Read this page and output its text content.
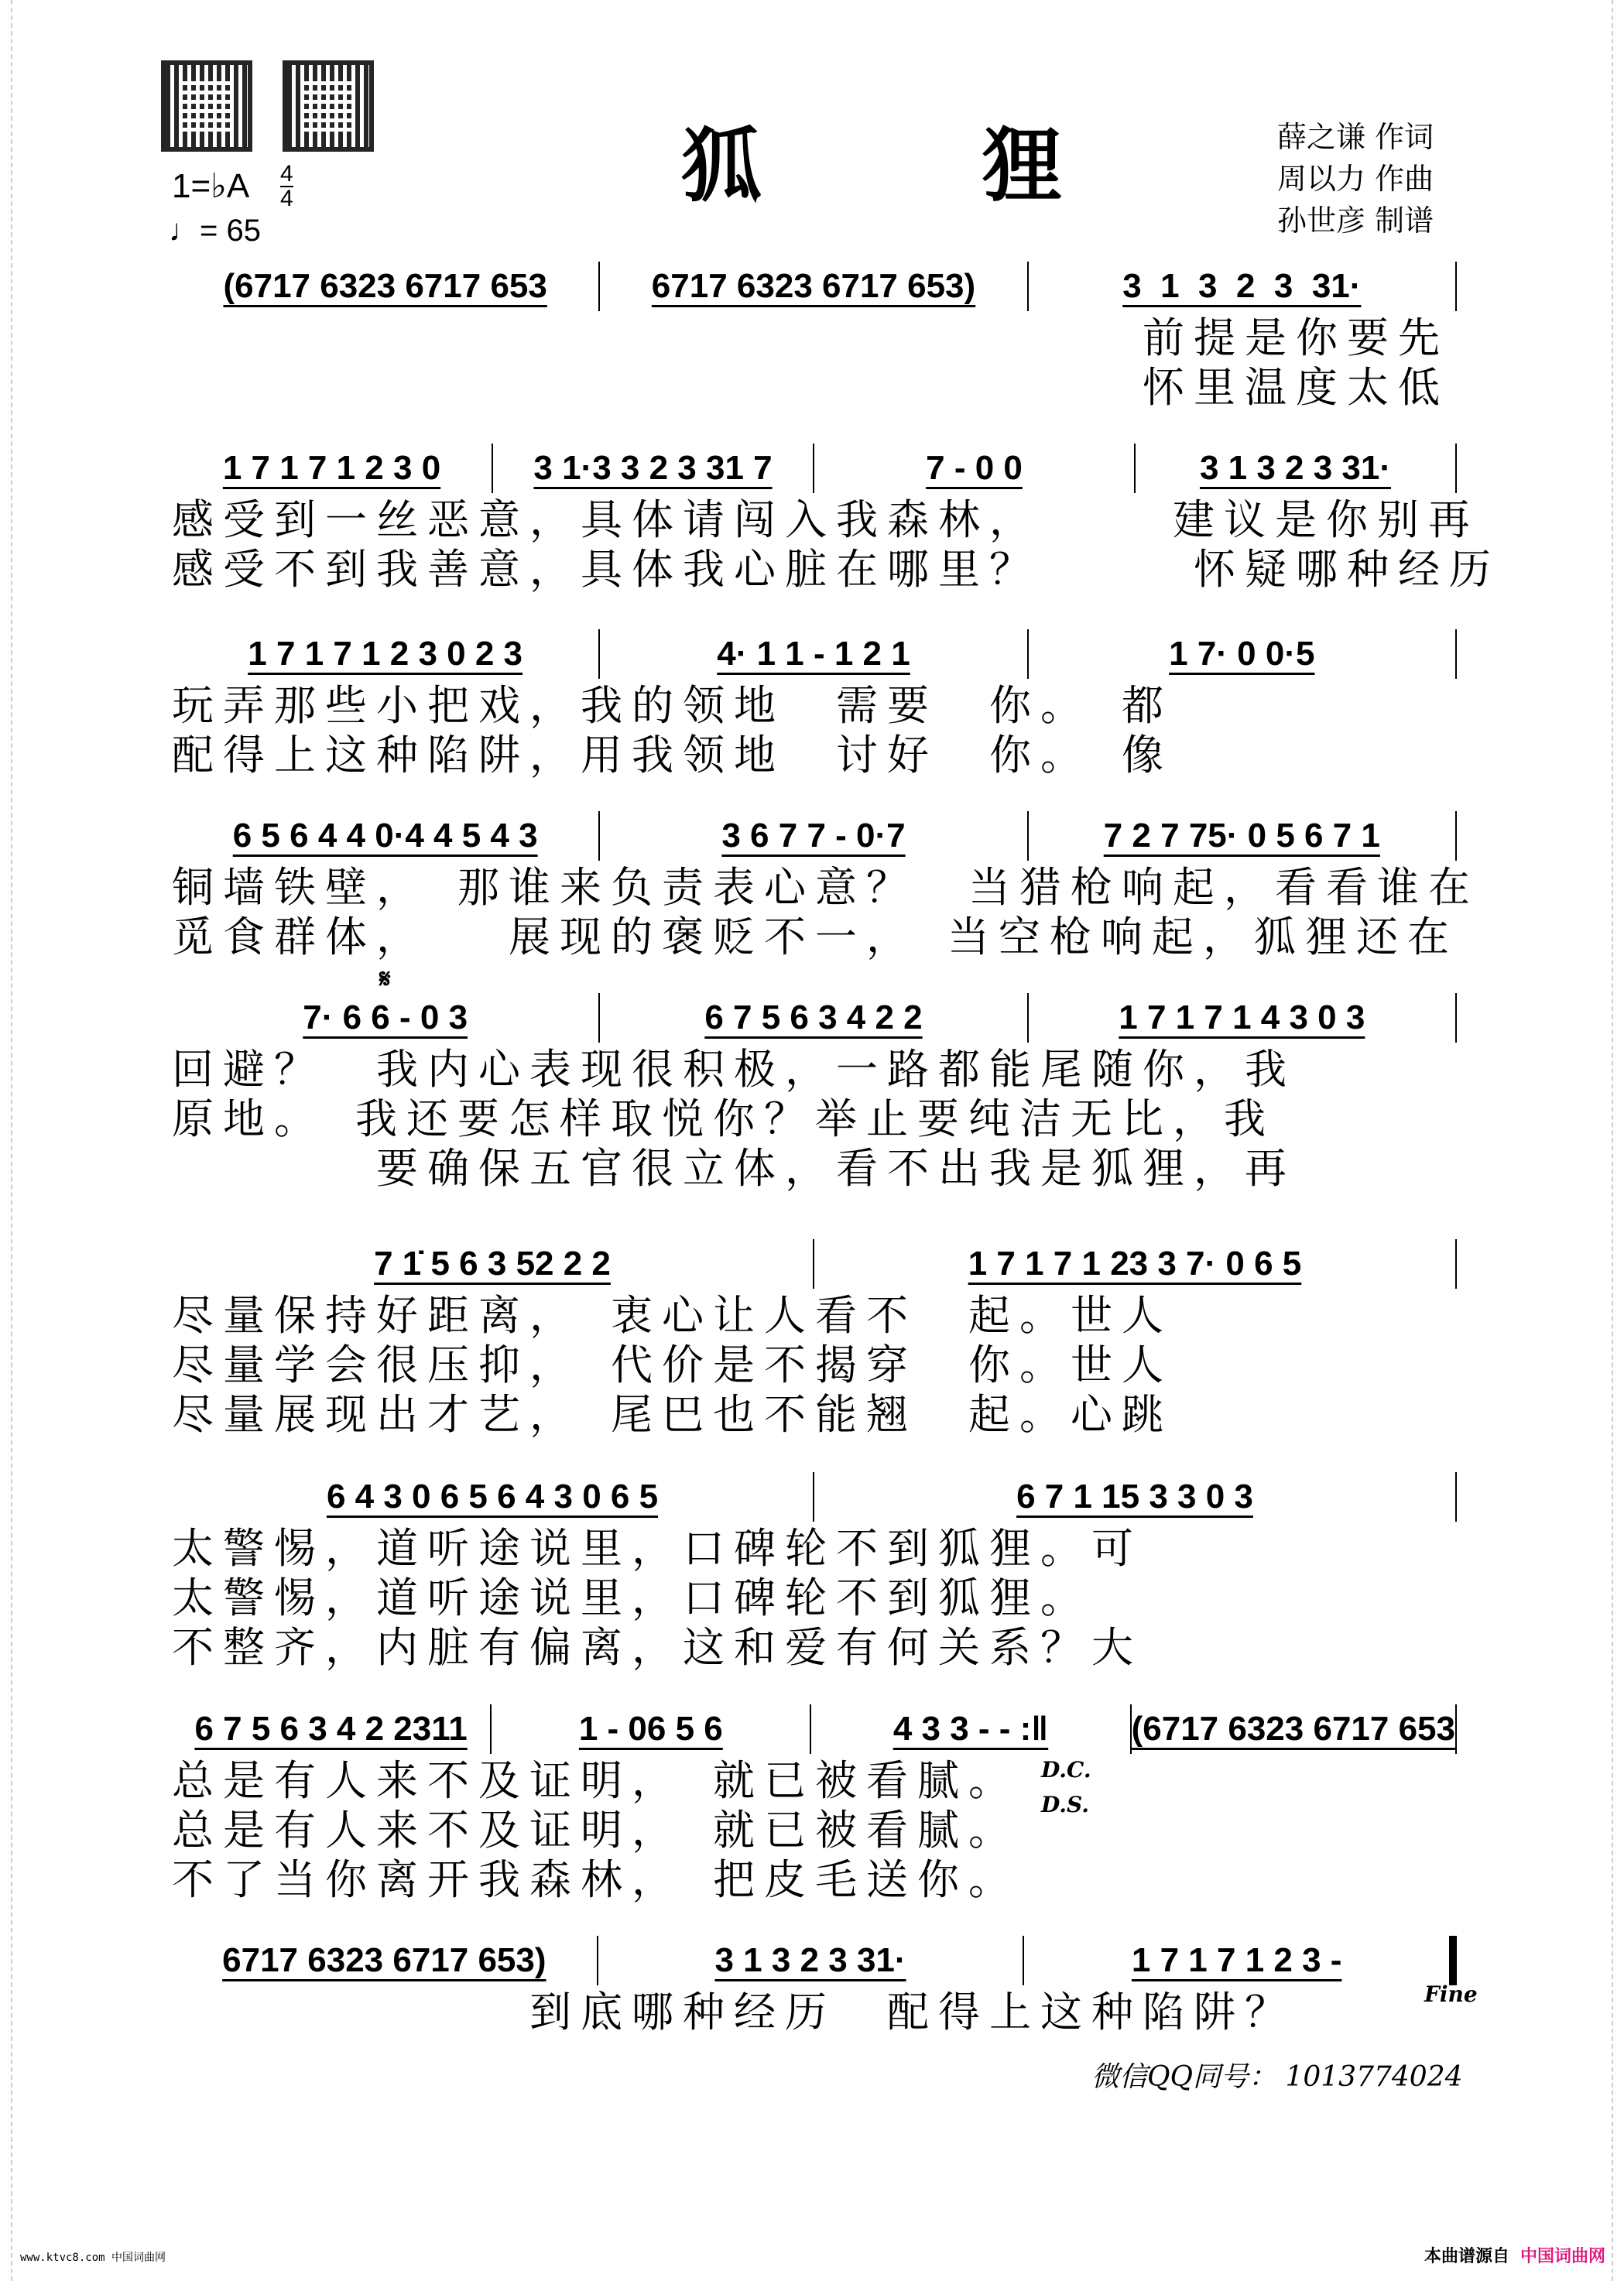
狐　狸	薛之谦 作词
周以力 作曲
孙世彦 制谱
1=♭A 4
4
♩= 65
(6717 6323 6717 653	6717 6323 6717 653)	3  1  3  2  3  31·
　　　　　　　　　　　　　　　　　　　前提是你要先
　　　　　　　　　　　　　　　　　　　怀里温度太低
1 7 1 7 1 2 3 0	3 1·3 3 2 3 31 7	7 - 0 0	3 1 3 2 3 31·
感受到一丝恶意，具体请闯入我森林，　　　建议是你别再
感受不到我善意，具体我心脏在哪里？　　　怀疑哪种经历
1 7 1 7 1 2 3 0 2 3	4· 1 1 - 1 2 1	1 7· 0 0·5
玩弄那些小把戏，我的领地　需要　你。　都
配得上这种陷阱，用我领地　讨好　你。　像
6 5 6 4 4 0·4 4 5 4 3	3 6 7 7 - 0·7	7 2 7 75· 0 5 6 7 1
铜墙铁壁，　那谁来负责表心意？　当猎枪响起，看看谁在
觅食群体，　　展现的褒贬不一，　当空枪响起，狐狸还在
7· 6 6 - 0 3	6 7 5 6 3 4 2 2	1 7 1 7 1 4 3 0 3
回避？　我内心表现很积极，一路都能尾随你，我
原地。　我还要怎样取悦你？举止要纯洁无比，我
　　　　要确保五官很立体，看不出我是狐狸，再
7 1̇ 5 6 3 52 2 2	1 7 1 7 1 23 3 7· 0 6 5
尽量保持好距离，　衷心让人看不　起。世人
尽量学会很压抑，　代价是不揭穿　你。世人
尽量展现出才艺，　尾巴也不能翘　起。心跳
6 4 3 0 6 5 6 4 3 0 6 5	6 7 1 15 3 3 0 3
太警惕，道听途说里，口碑轮不到狐狸。可
太警惕，道听途说里，口碑轮不到狐狸。
不整齐，内脏有偏离，这和爱有何关系？大
6 7 5 6 3 4 2 2311	1 - 06 5 6	4 3 3 - - :‖	(6717 6323 6717 653
总是有人来不及证明，　就已被看腻。
总是有人来不及证明，　就已被看腻。
不了当你离开我森林，　把皮毛送你。
6717 6323 6717 653)	3 1 3 2 3 31·	1 7 1 7 1 2 3 -
　　　　　　　到底哪种经历　配得上这种陷阱？
D.C.
D.S.
Fine
𝄋
微信QQ同号： 1013774024
www.ktvc8.com 中国词曲网	本曲谱源自 中国词曲网
